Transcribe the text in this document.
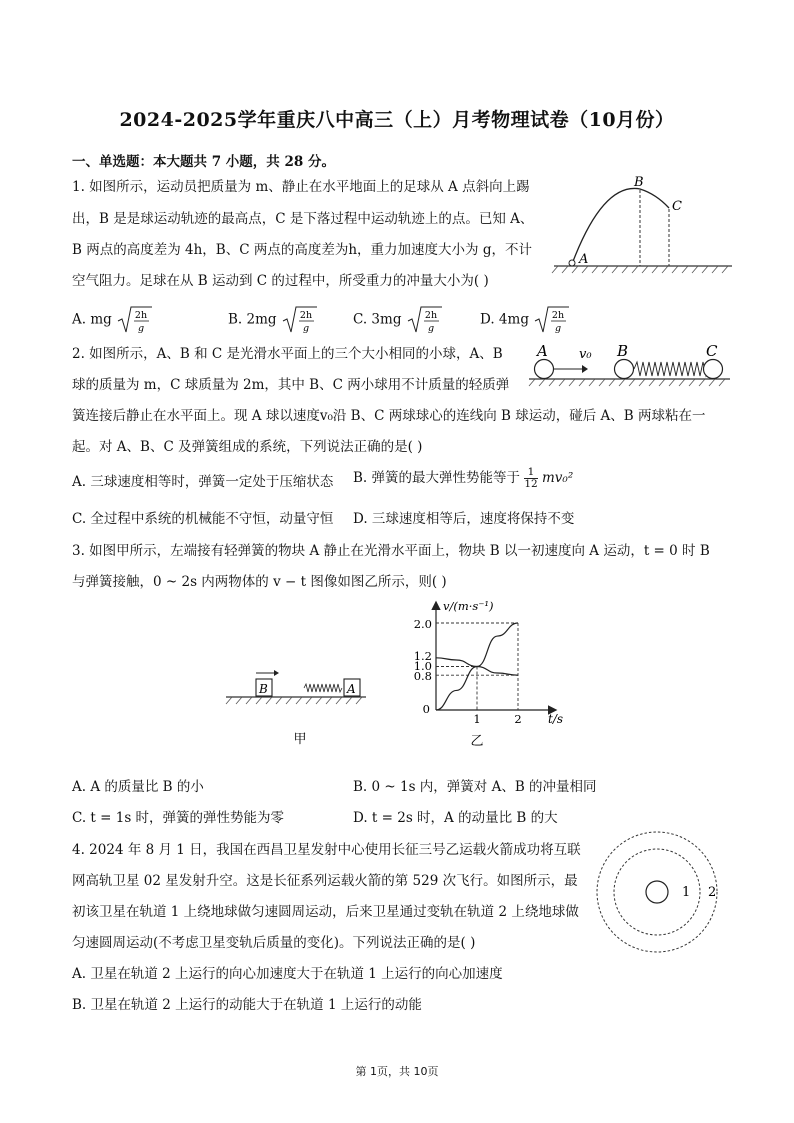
2024-2025学年重庆八中高三（上）月考物理试卷（10月份）
一、单选题：本大题共 7 小题，共 28 分。
1. 如图所示，运动员把质量为 m、静止在水平地面上的足球从 A 点斜向上踢
出，B 是是球运动轨迹的最高点，C 是下落过程中运动轨迹上的点。已知 A、
B 两点的高度差为 4h，B、C 两点的高度差为h，重力加速度大小为 g，不计
空气阻力。足球在从 B 运动到 C 的过程中，所受重力的冲量大小为( )
A
B
C
A. mg 2h
g
B. 2mg 2h
g
C. 3mg 2h
g
D. 4mg 2h
g
2. 如图所示，A、B 和 C 是光滑水平面上的三个大小相同的小球，A、B
球的质量为 m，C 球质量为 2m，其中 B、C 两小球用不计质量的轻质弹
簧连接后静止在水平面上。现 A 球以速度v₀沿 B、C 两球球心的连线向 B 球运动，碰后 A、B 两球粘在一
起。对 A、B、C 及弹簧组成的系统，下列说法正确的是( )
A v₀ B	C
A. 三球速度相等时，弹簧一定处于压缩状态 B. 弹簧的最大弹性势能等于 $\frac{1}{12} mv_0^2$
C. 全过程中系统的机械能不守恒，动量守恒 D. 三球速度相等后，速度将保持不变
3. 如图甲所示，左端接有轻弹簧的物块 A 静止在光滑水平面上，物块 B 以一初速度向 A 运动，t = 0 时 B
与弹簧接触，0 ~ 2s 内两物体的 v − t 图像如图乙所示，则( )
B	A
甲
v/(m·s⁻¹)
t/s
2.0
1.2
1.0
0.8
0
1	2
乙
A. A 的质量比 B 的小	B. 0 ~ 1s 内，弹簧对 A、B 的冲量相同
C. t = 1s 时，弹簧的弹性势能为零	D. t = 2s 时，A 的动量比 B 的大
4. 2024 年 8 月 1 日，我国在西昌卫星发射中心使用长征三号乙运载火箭成功将互联
网高轨卫星 02 星发射升空。这是长征系列运载火箭的第 529 次飞行。如图所示，最
初该卫星在轨道 1 上绕地球做匀速圆周运动，后来卫星通过变轨在轨道 2 上绕地球做
匀速圆周运动(不考虑卫星变轨后质量的变化)。下列说法正确的是( )
A. 卫星在轨道 2 上运行的向心加速度大于在轨道 1 上运行的向心加速度
B. 卫星在轨道 2 上运行的动能大于在轨道 1 上运行的动能
1 2
第 1页，共 10页
